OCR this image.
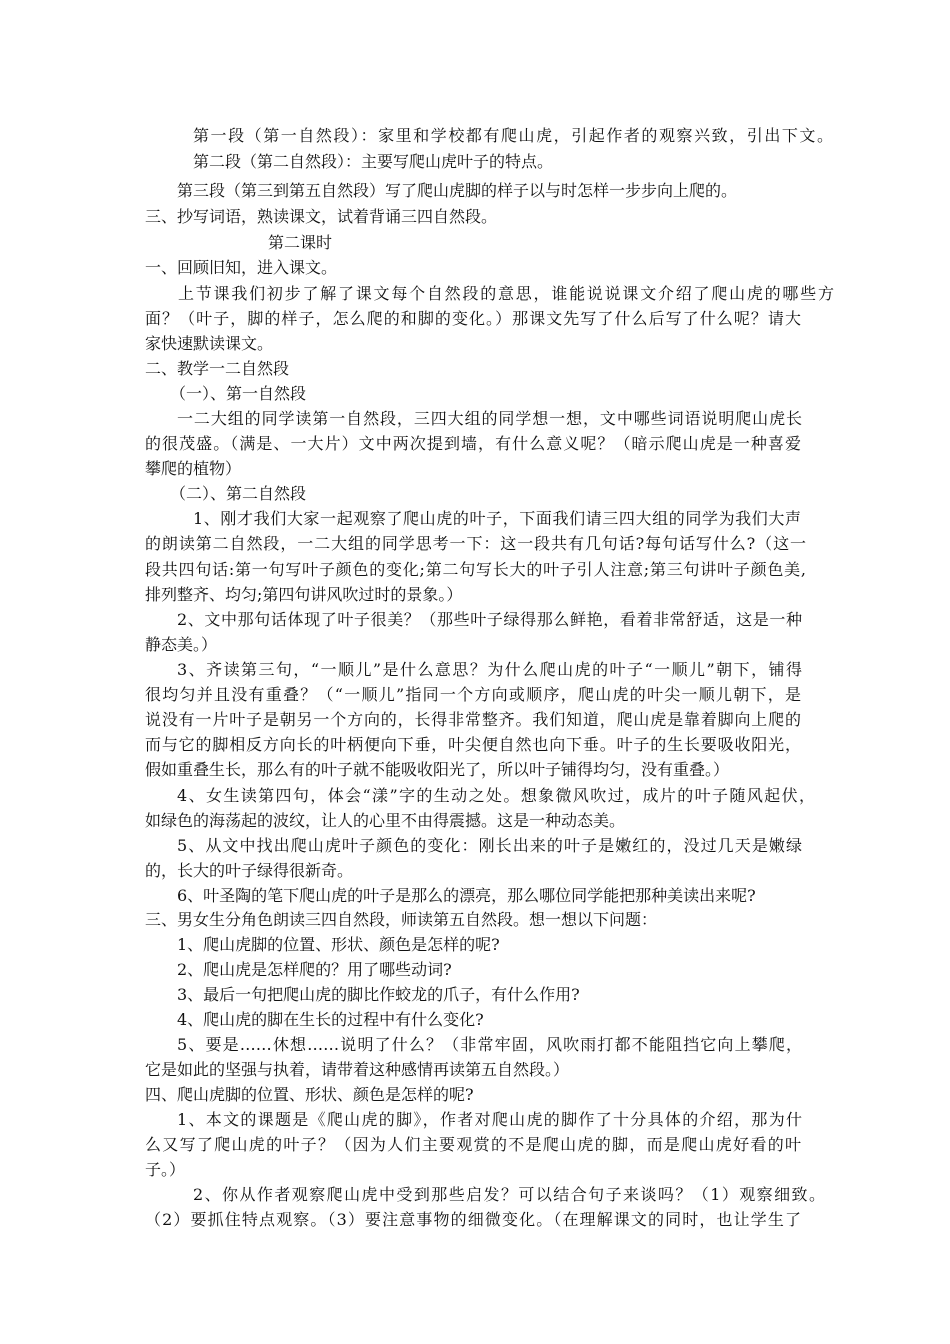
第一段（第一自然段）：家里和学校都有爬山虎，引起作者的观察兴致，引出下文。
第二段（第二自然段）：主要写爬山虎叶子的特点。
第三段（第三到第五自然段）写了爬山虎脚的样子以与时怎样一步步向上爬的。
三、抄写词语，熟读课文，试着背诵三四自然段。
第二课时
一、回顾旧知，进入课文。
上节课我们初步了解了课文每个自然段的意思，谁能说说课文介绍了爬山虎的哪些方
面？（叶子，脚的样子，怎么爬的和脚的变化。）那课文先写了什么后写了什么呢？请大
家快速默读课文。
二、教学一二自然段
（一）、第一自然段
一二大组的同学读第一自然段，三四大组的同学想一想，文中哪些词语说明爬山虎长
的很茂盛。（满是、一大片）文中两次提到墙，有什么意义呢？（暗示爬山虎是一种喜爱
攀爬的植物）
（二）、第二自然段
1、刚才我们大家一起观察了爬山虎的叶子，下面我们请三四大组的同学为我们大声
的朗读第二自然段，一二大组的同学思考一下：这一段共有几句话?每句话写什么?（这一
段共四句话:第一句写叶子颜色的变化;第二句写长大的叶子引人注意;第三句讲叶子颜色美,
排列整齐、均匀;第四句讲风吹过时的景象。）
2、文中那句话体现了叶子很美？（那些叶子绿得那么鲜艳，看着非常舒适，这是一种
静态美。）
3、齐读第三句，“一顺儿”是什么意思？为什么爬山虎的叶子“一顺儿”朝下，铺得
很均匀并且没有重叠？（“一顺儿”指同一个方向或顺序，爬山虎的叶尖一顺儿朝下，是
说没有一片叶子是朝另一个方向的，长得非常整齐。我们知道，爬山虎是靠着脚向上爬的
而与它的脚相反方向长的叶柄便向下垂，叶尖便自然也向下垂。叶子的生长要吸收阳光，
假如重叠生长，那么有的叶子就不能吸收阳光了，所以叶子铺得均匀，没有重叠。）
4、女生读第四句，体会“漾”字的生动之处。想象微风吹过，成片的叶子随风起伏，
如绿色的海荡起的波纹，让人的心里不由得震撼。这是一种动态美。
5、从文中找出爬山虎叶子颜色的变化：刚长出来的叶子是嫩红的，没过几天是嫩绿
的，长大的叶子绿得很新奇。
6、叶圣陶的笔下爬山虎的叶子是那么的漂亮，那么哪位同学能把那种美读出来呢?
三、男女生分角色朗读三四自然段，师读第五自然段。想一想以下问题：
1、爬山虎脚的位置、形状、颜色是怎样的呢?
2、爬山虎是怎样爬的？用了哪些动词?
3、最后一句把爬山虎的脚比作蛟龙的爪子，有什么作用?
4、爬山虎的脚在生长的过程中有什么变化?
5、要是……休想……说明了什么？（非常牢固，风吹雨打都不能阻挡它向上攀爬，
它是如此的坚强与执着，请带着这种感情再读第五自然段。）
四、爬山虎脚的位置、形状、颜色是怎样的呢?
1、本文的课题是《爬山虎的脚》，作者对爬山虎的脚作了十分具体的介绍，那为什
么又写了爬山虎的叶子？（因为人们主要观赏的不是爬山虎的脚，而是爬山虎好看的叶
子。）
2、你从作者观察爬山虎中受到那些启发？可以结合句子来谈吗？（1）观察细致。
（2）要抓住特点观察。（3）要注意事物的细微变化。（在理解课文的同时，也让学生了
